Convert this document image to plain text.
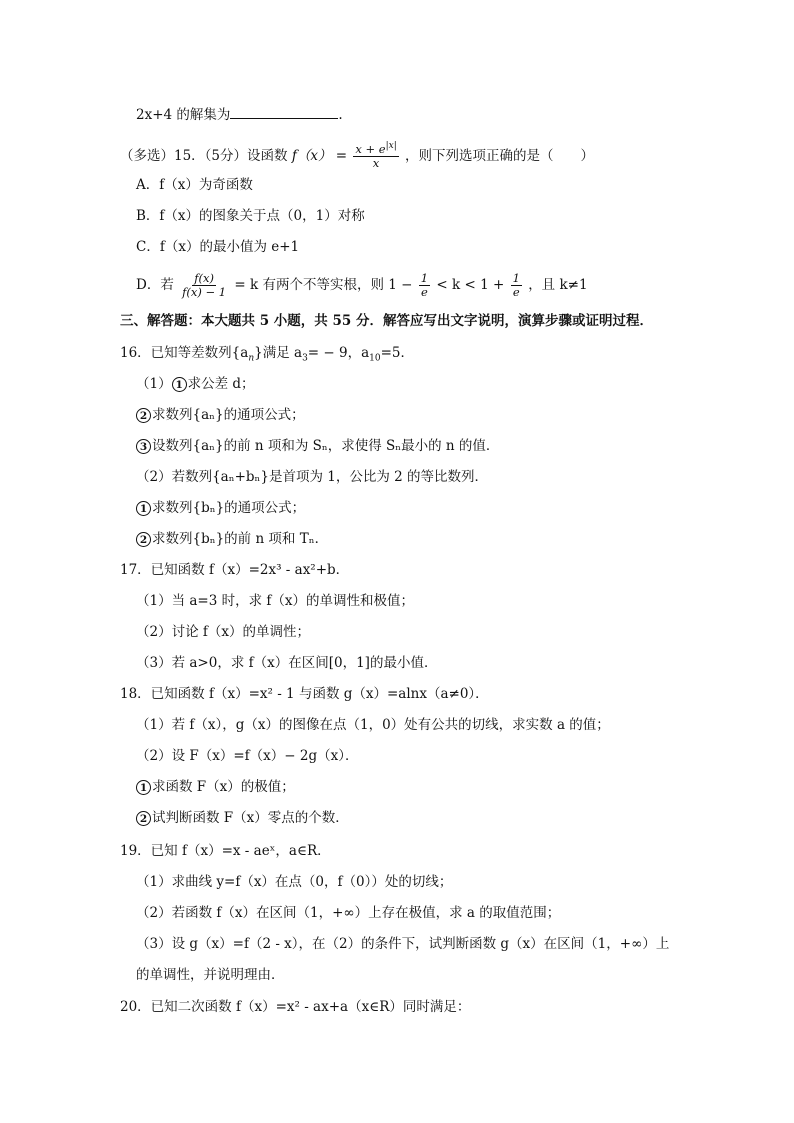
2x+4 的解集为	.
（多选）15．（5分）设函数 $f(x) = \frac{x + e^{|x|}}{x}$ ，则下列选项正确的是（　　）
A．f（x）为奇函数
B．f（x）的图象关于点（0，1）对称
C．f（x）的最小值为 e+1
D．若 $\frac{f(x)}{f(x) - 1} = k$ 有两个不等实根，则 $1 - \frac{1}{e} < k < 1 + \frac{1}{e}$ ，且 k≠1
三、解答题：本大题共 5 小题，共 55 分．解答应写出文字说明，演算步骤或证明过程．
16．已知等差数列$\{a_n\}$满足 $a_3= - 9$，$a_{10}=5$．
（1） 1 求公差 d；
2 求数列{aₙ}的通项公式；
3 设数列{aₙ}的前 n 项和为 Sₙ，求使得 Sₙ最小的 n 的值．
（2）若数列{aₙ+bₙ}是首项为 1，公比为 2 的等比数列．
1 求数列{bₙ}的通项公式；
2 求数列{bₙ}的前 n 项和 Tₙ．
17．已知函数 f（x）=2x³ - ax²+b．
（1）当 a=3 时，求 f（x）的单调性和极值；
（2）讨论 f（x）的单调性；
（3）若 a>0，求 f（x）在区间[0，1]的最小值．
18．已知函数 f（x）=x² - 1 与函数 g（x）=alnx（a≠0）．
（1）若 f（x），g（x）的图像在点（1，0）处有公共的切线，求实数 a 的值；
（2）设 F（x）=f（x）− 2g（x）．
1 求函数 F（x）的极值；
2 试判断函数 F（x）零点的个数．
19．已知 f（x）=x - aeˣ，a∈R．
（1）求曲线 y=f（x）在点（0，f（0））处的切线；
（2）若函数 f（x）在区间（1，+∞）上存在极值，求 a 的取值范围；
（3）设 g（x）=f（2 - x），在（2）的条件下，试判断函数 g（x）在区间（1，+∞）上
的单调性，并说明理由．
20．已知二次函数 f（x）=x² - ax+a（x∈R）同时满足：
